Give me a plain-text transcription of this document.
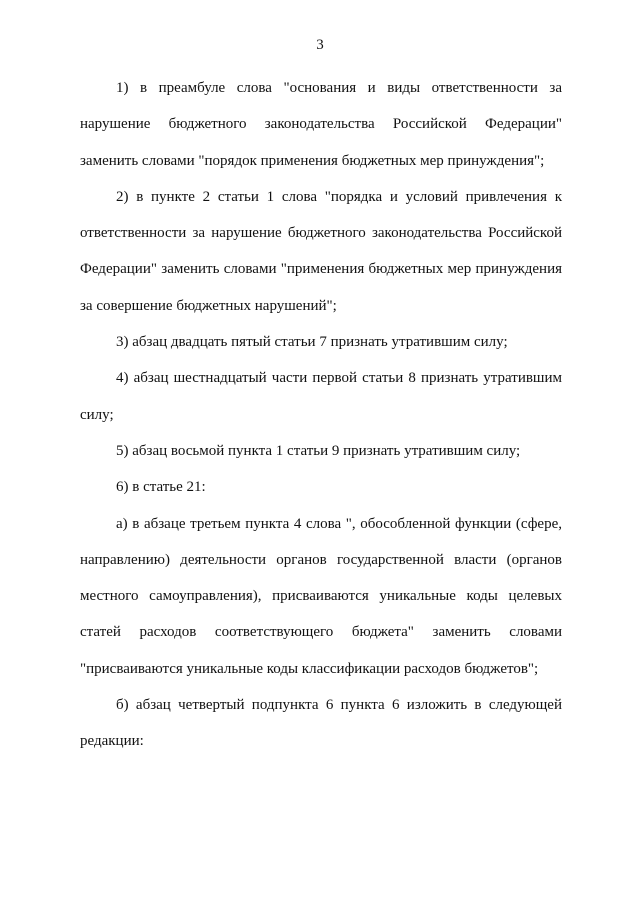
3

1) в преамбуле слова "основания и виды ответственности за нарушение бюджетного законодательства Российской Федерации" заменить словами "порядок применения бюджетных мер принуждения";

2) в пункте 2 статьи 1 слова "порядка и условий привлечения к ответственности за нарушение бюджетного законодательства Российской Федерации" заменить словами "применения бюджетных мер принуждения за совершение бюджетных нарушений";

3) абзац двадцать пятый статьи 7 признать утратившим силу;

4) абзац шестнадцатый части первой статьи 8 признать утратившим силу;

5) абзац восьмой пункта 1 статьи 9 признать утратившим силу;

6) в статье 21:

а) в абзаце третьем пункта 4 слова ", обособленной функции (сфере, направлению) деятельности органов государственной власти (органов местного самоуправления), присваиваются уникальные коды целевых статей расходов соответствующего бюджета" заменить словами "присваиваются уникальные коды классификации расходов бюджетов";

б) абзац четвертый подпункта 6 пункта 6 изложить в следующей редакции:
